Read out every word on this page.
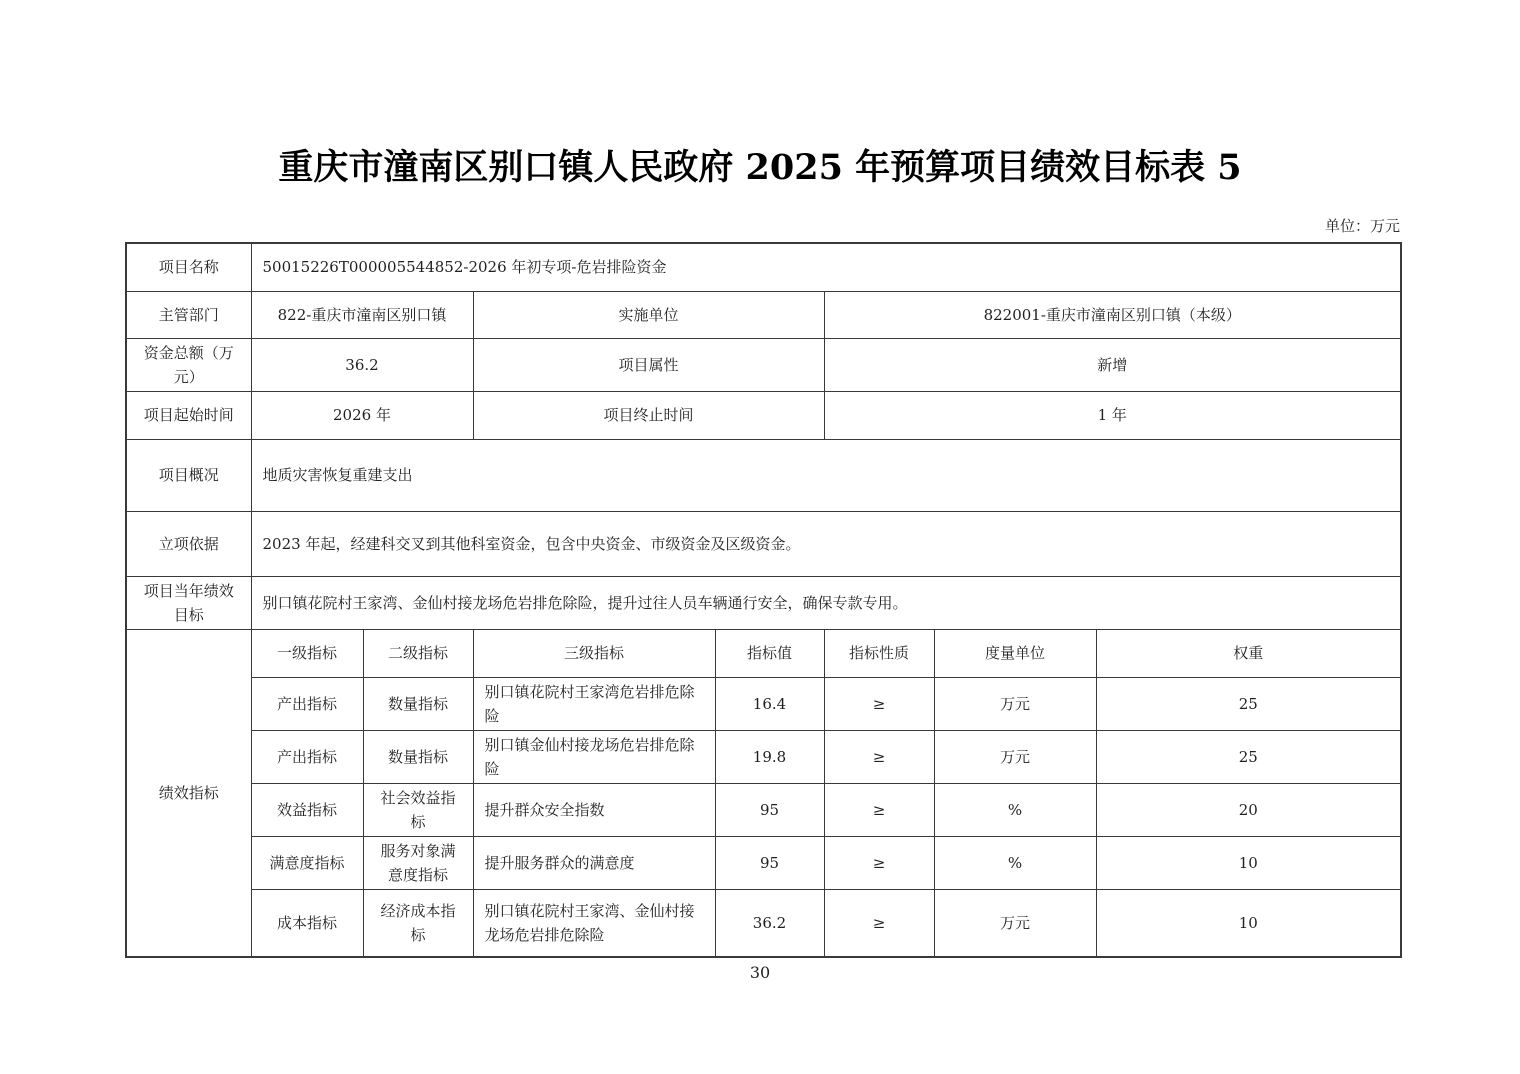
重庆市潼南区别口镇人民政府 2025 年预算项目绩效目标表 5
单位：万元
项目名称	50015226T000005544852-2026 年初专项-危岩排险资金						
主管部门	822-重庆市潼南区别口镇		实施单位		822001-重庆市潼南区别口镇（本级）		
资金总额（万元）	36.2		项目属性		新增		
项目起始时间	2026 年		项目终止时间		1 年		
项目概况	地质灾害恢复重建支出						
立项依据	2023 年起，经建科交叉到其他科室资金，包含中央资金、市级资金及区级资金。						
项目当年绩效目标	别口镇花院村王家湾、金仙村接龙场危岩排危除险，提升过往人员车辆通行安全，确保专款专用。						
绩效指标	一级指标	二级指标	三级指标	指标值	指标性质	度量单位	权重
	产出指标	数量指标	别口镇花院村王家湾危岩排危除险	16.4	≥	万元	25
	产出指标	数量指标	别口镇金仙村接龙场危岩排危除险	19.8	≥	万元	25
	效益指标	社会效益指标	提升群众安全指数	95	≥	%	20
	满意度指标	服务对象满意度指标	提升服务群众的满意度	95	≥	%	10
	成本指标	经济成本指标	别口镇花院村王家湾、金仙村接龙场危岩排危除险	36.2	≥	万元	10
30
